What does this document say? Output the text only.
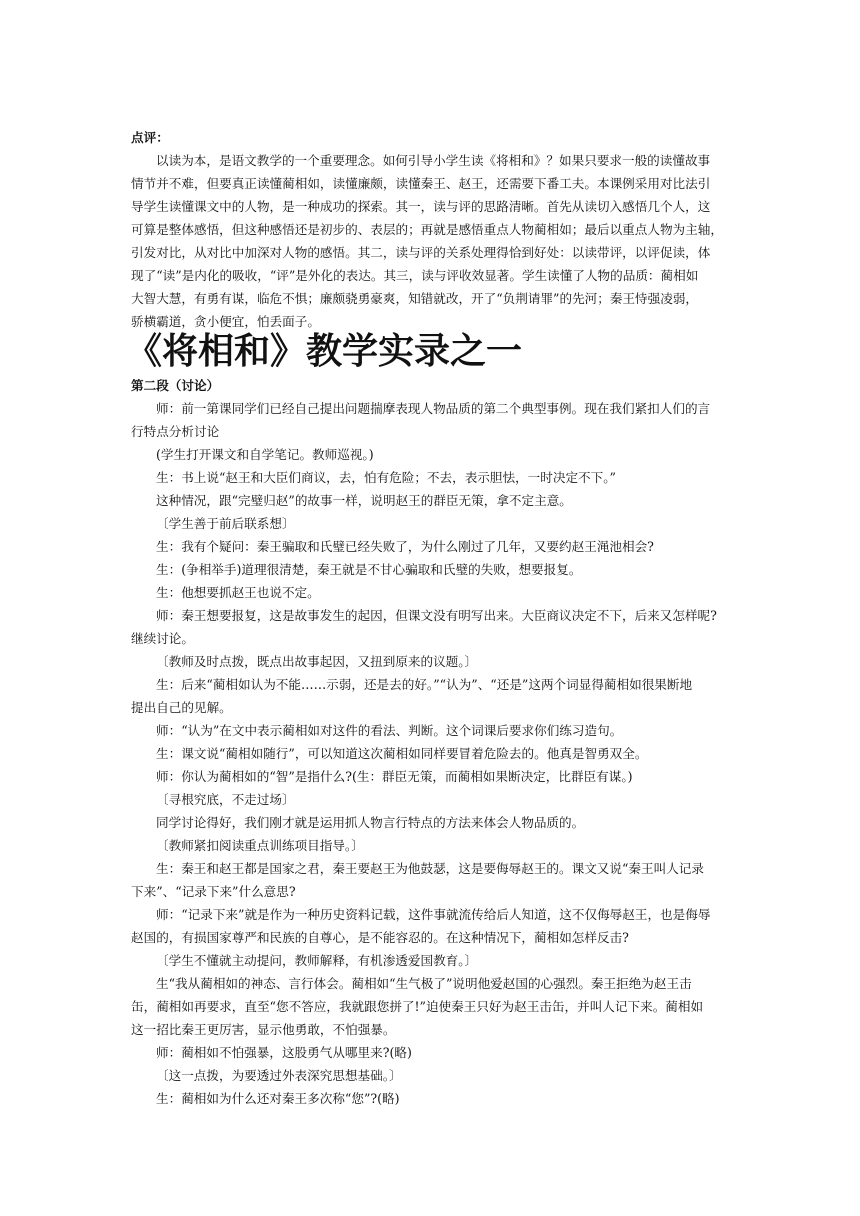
点评：
以读为本，是语文教学的一个重要理念。如何引导小学生读《将相和》？如果只要求一般的读懂故事
情节并不难，但要真正读懂蔺相如，读懂廉颇，读懂秦王、赵王，还需要下番工夫。本课例采用对比法引
导学生读懂课文中的人物，是一种成功的探索。其一，读与评的思路清晰。首先从读切入感悟几个人，这
可算是整体感悟，但这种感悟还是初步的、表层的；再就是感悟重点人物蔺相如；最后以重点人物为主轴，
引发对比，从对比中加深对人物的感悟。其二，读与评的关系处理得恰到好处：以读带评，以评促读，体
现了“读”是内化的吸收，“评”是外化的表达。其三，读与评收效显著。学生读懂了人物的品质：蔺相如
大智大慧，有勇有谋，临危不惧；廉颇骁勇豪爽，知错就改，开了“负荆请罪”的先河；秦王恃强凌弱，
骄横霸道，贪小便宜，怕丢面子。
《将相和》教学实录之一
第二段（讨论）
师：前一第课同学们已经自己提出问题揣摩表现人物品质的第二个典型事例。现在我们紧扣人们的言
行特点分析讨论
(学生打开课文和自学笔记。教师巡视。)
生：书上说“赵王和大臣们商议，去，怕有危险；不去，表示胆怯，一时决定不下。”
这种情况，跟“完璧归赵”的故事一样，说明赵王的群臣无策，拿不定主意。
〔学生善于前后联系想〕
生：我有个疑问：秦王骗取和氏璧已经失败了，为什么刚过了几年，又要约赵王渑池相会?
生：(争相举手)道理很清楚，秦王就是不甘心骗取和氏璧的失败，想要报复。
生：他想要抓赵王也说不定。
师：秦王想要报复，这是故事发生的起因，但课文没有明写出来。大臣商议决定不下，后来又怎样呢?
继续讨论。
〔教师及时点拨，既点出故事起因，又扭到原来的议题。〕
生：后来“蔺相如认为不能……示弱，还是去的好。”“认为”、“还是”这两个词显得蔺相如很果断地
提出自己的见解。
师：“认为”在文中表示蔺相如对这件的看法、判断。这个词课后要求你们练习造句。
生：课文说“蔺相如随行”，可以知道这次蔺相如同样要冒着危险去的。他真是智勇双全。
师：你认为蔺相如的“智”是指什么?(生：群臣无策，而蔺相如果断决定，比群臣有谋。)
〔寻根究底，不走过场〕
同学讨论得好，我们刚才就是运用抓人物言行特点的方法来体会人物品质的。
〔教师紧扣阅读重点训练项目指导。〕
生：秦王和赵王都是国家之君，秦王要赵王为他鼓瑟，这是要侮辱赵王的。课文又说“秦王叫人记录
下来”、“记录下来”什么意思?
师：“记录下来”就是作为一种历史资料记载，这件事就流传给后人知道，这不仅侮辱赵王，也是侮辱
赵国的，有损国家尊严和民族的自尊心，是不能容忍的。在这种情况下，蔺相如怎样反击?
〔学生不懂就主动提问，教师解释，有机渗透爱国教育。〕
生“我从蔺相如的神态、言行体会。蔺相如“生气极了”说明他爱赵国的心强烈。秦王拒绝为赵王击
缶，蔺相如再要求，直至“您不答应，我就跟您拼了!”迫使秦王只好为赵王击缶，并叫人记下来。蔺相如
这一招比秦王更厉害，显示他勇敢，不怕强暴。
师：蔺相如不怕强暴，这股勇气从哪里来?(略)
〔这一点拨，为要透过外表深究思想基础。〕
生：蔺相如为什么还对秦王多次称“您”?(略)
